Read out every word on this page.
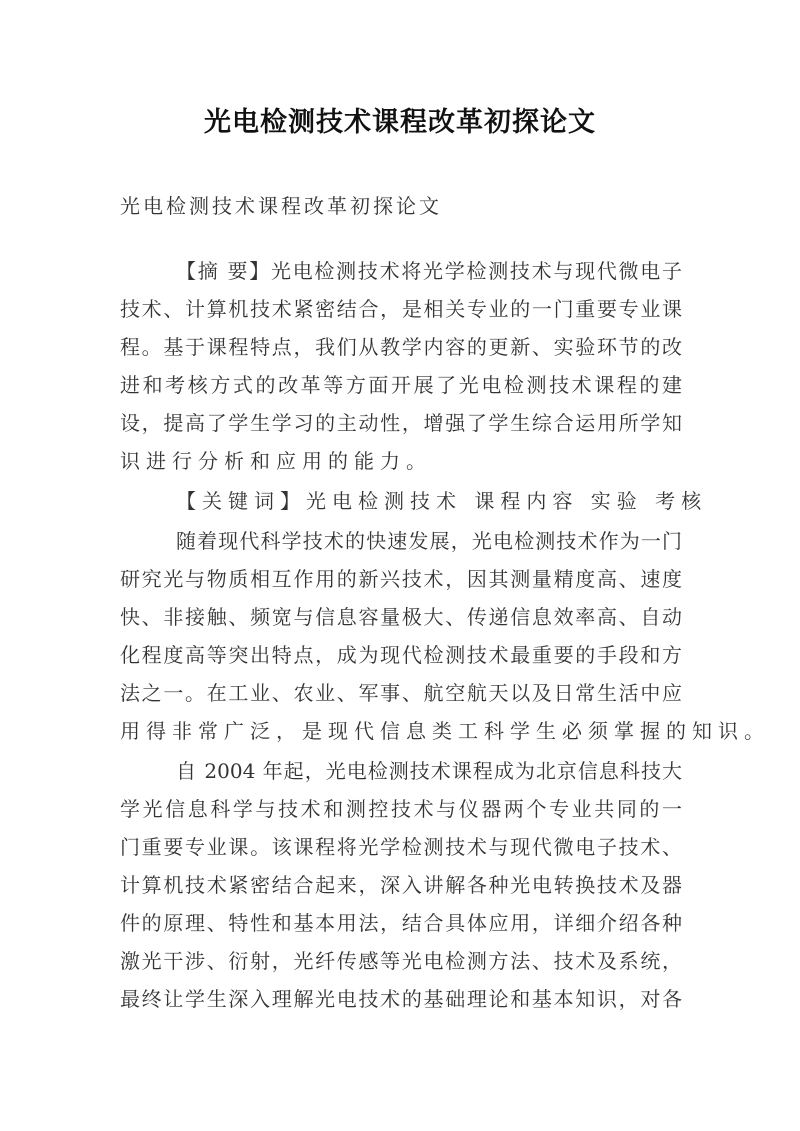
光电检测技术课程改革初探论文
光电检测技术课程改革初探论文
【摘 要】光电检测技术将光学检测技术与现代微电子
技术、计算机技术紧密结合，是相关专业的一门重要专业课
程。基于课程特点，我们从教学内容的更新、实验环节的改
进和考核方式的改革等方面开展了光电检测技术课程的建
设，提高了学生学习的主动性，增强了学生综合运用所学知
识进行分析和应用的能力。
【关键词】光电检测技术 课程内容 实验 考核
随着现代科学技术的快速发展，光电检测技术作为一门
研究光与物质相互作用的新兴技术，因其测量精度高、速度
快、非接触、频宽与信息容量极大、传递信息效率高、自动
化程度高等突出特点，成为现代检测技术最重要的手段和方
法之一。在工业、农业、军事、航空航天以及日常生活中应
用得非常广泛，是现代信息类工科学生必须掌握的知识。
自 2004 年起，光电检测技术课程成为北京信息科技大
学光信息科学与技术和测控技术与仪器两个专业共同的一
门重要专业课。该课程将光学检测技术与现代微电子技术、
计算机技术紧密结合起来，深入讲解各种光电转换技术及器
件的原理、特性和基本用法，结合具体应用，详细介绍各种
激光干涉、衍射，光纤传感等光电检测方法、技术及系统，
最终让学生深入理解光电技术的基础理论和基本知识，对各
